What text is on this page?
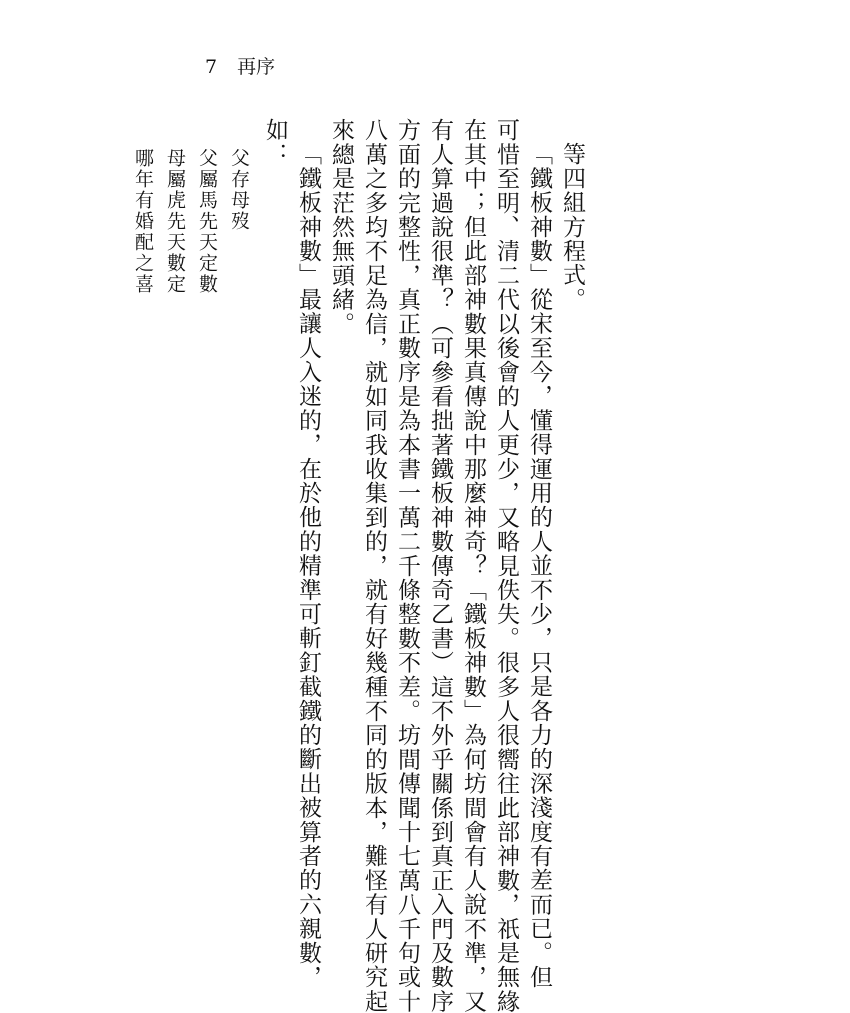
7 再序
等四組方程式。
「鐵板神數」從宋至今，懂得運用的人並不少，只是各力的深淺度有差而已。但
可惜至明、清二代以後會的人更少，又略見佚失。很多人很嚮往此部神數，祇是無緣
在其中；但此部神數果真傳說中那麼神奇？「鐵板神數」為何坊間會有人說不準，又
有人算過說很準？（可參看拙著鐵板神數傳奇乙書）這不外乎關係到真正入門及數序
方面的完整性，真正數序是為本書一萬二千條整數不差。坊間傳聞十七萬八千句或十
八萬之多均不足為信，就如同我收集到的，就有好幾種不同的版本，難怪有人研究起
來總是茫然無頭緒。
「鐵板神數」最讓人入迷的，在於他的精準可斬釘截鐵的斷出被算者的六親數，
如：
父存母歿
父屬馬先天定數
母屬虎先天數定
哪年有婚配之喜
